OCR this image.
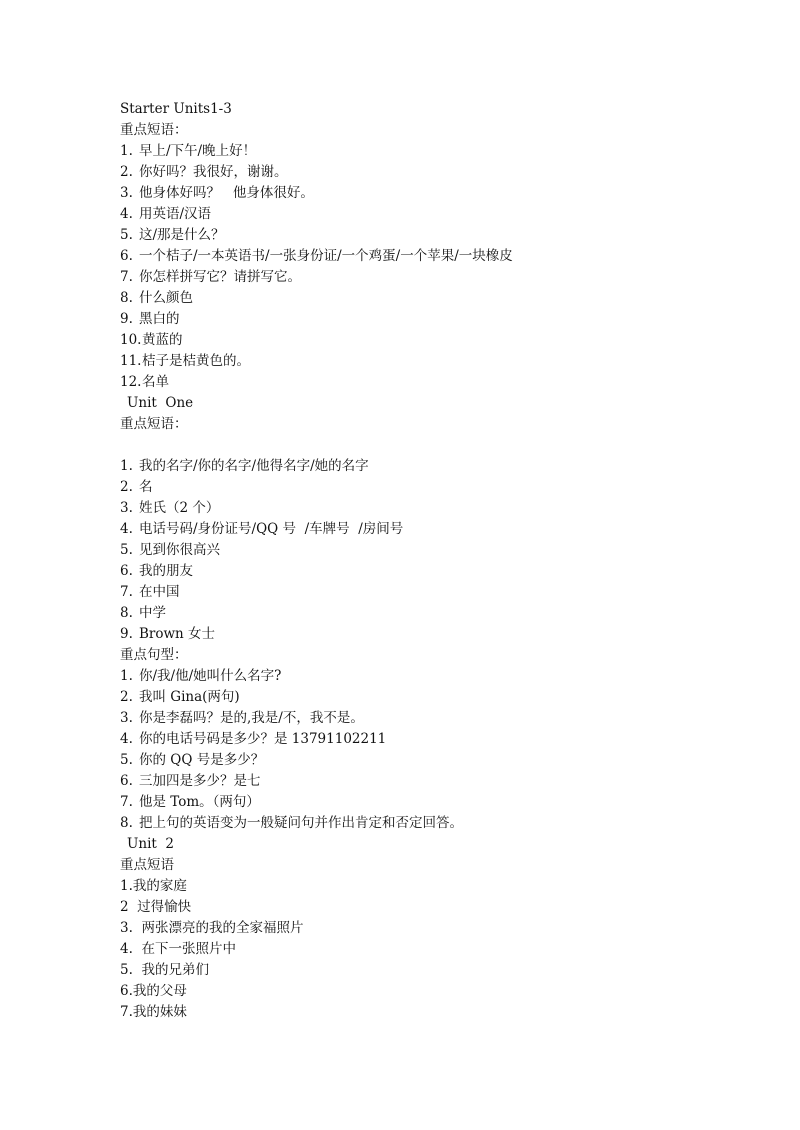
Starter Units1-3
重点短语：
1. 早上/下午/晚上好！
2. 你好吗？我很好，谢谢。
3. 他身体好吗？   他身体很好。
4. 用英语/汉语
5. 这/那是什么？
6. 一个桔子/一本英语书/一张身份证/一个鸡蛋/一个苹果/一块橡皮
7. 你怎样拼写它？请拼写它。
8. 什么颜色
9. 黑白的
10. 黄蓝的
11. 桔子是桔黄色的。
12. 名单
Unit  One
重点短语：
1. 我的名字/你的名字/他得名字/她的名字
2. 名
3. 姓氏（2 个）
4. 电话号码/身份证号/QQ 号  /车牌号  /房间号
5. 见到你很高兴
6. 我的朋友
7. 在中国
8. 中学
9. Brown 女士
重点句型：
1. 你/我/他/她叫什么名字?
2. 我叫 Gina(两句)
3. 你是李磊吗？是的,我是/不，我不是。
4. 你的电话号码是多少？是 13791102211
5. 你的 QQ 号是多少？
6. 三加四是多少？是七
7. 他是 Tom。（两句）
8. 把上句的英语变为一般疑问句并作出肯定和否定回答。
Unit  2
重点短语
1.我的家庭
2  过得愉快
3.  两张漂亮的我的全家福照片
4.  在下一张照片中
5.  我的兄弟们
6.我的父母
7.我的妹妹
